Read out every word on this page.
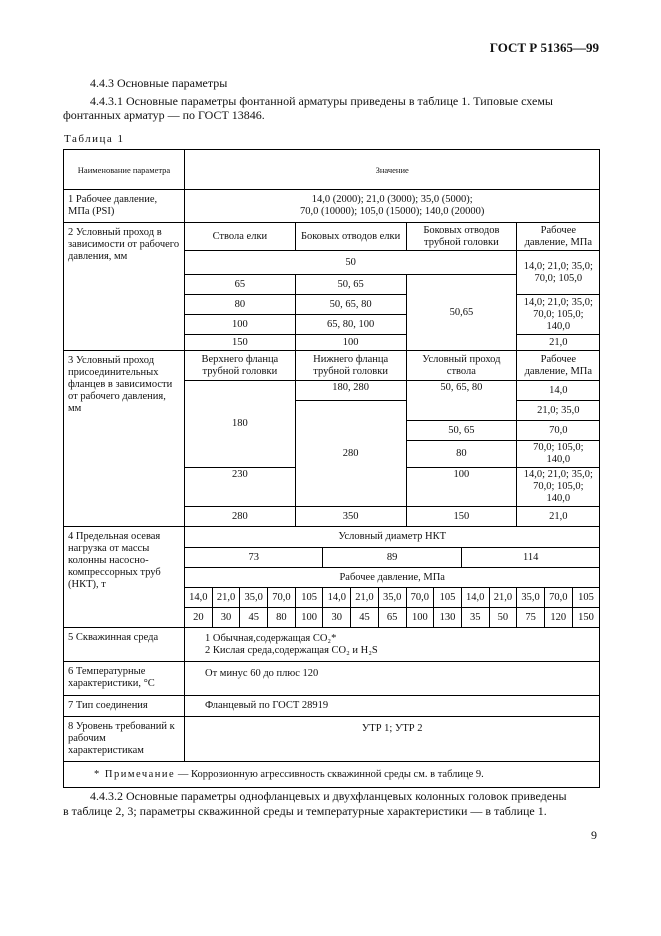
ГОСТ Р 51365—99
4.4.3 Основные параметры
4.4.3.1 Основные параметры фонтанной арматуры приведены в таблице 1. Типовые схемы
фонтанных арматур — по ГОСТ 13846.
Таблица 1
Наименование параметра	Значение														
1 Рабочее давление, МПа (PSI)	14,0 (2000); 21,0 (3000); 35,0 (5000);
70,0 (10000); 105,0 (15000); 140,0 (20000)														

2 Условный проход в зависимости от рабочего давления, мм	Ствола елки				Боковых отводов елки				Боковых отводов трубной головки				Рабочее давление, МПа		
	50												14,0; 21,0; 35,0; 70,0; 105,0		
	65				50, 65				50,65						
	80				50, 65, 80								14,0; 21,0; 35,0; 70,0; 105,0; 140,0		
	100				65, 80, 100										
	150				100								21,0		
3 Условный проход присоединительных фланцев в зависимости от рабочего давления, мм	Верхнего фланца трубной головки				Нижнего фланца трубной головки				Условный проход ствола				Рабочее давление, МПа		
	180				180, 280				50, 65, 80				14,0		
					280								21,0; 35,0		
									50, 65				70,0		
									80				70,0; 105,0; 140,0		
	230								100				14,0; 21,0; 35,0; 70,0; 105,0; 140,0		
	280				350				150				21,0		
4 Предельная осевая нагрузка от массы колонны насосно-компрессорных труб (НКТ), т	Условный диаметр НКТ														
	73					89					114				
	Рабочее давление, МПа														
	14,0	21,0	35,0	70,0	105	14,0	21,0	35,0	70,0	105	14,0	21,0	35,0	70,0	105
	20	30	45	80	100	30	45	65	100	130	35	50	75	120	150
5 Скважинная среда	1 Обычная,содержащая CO₂*
2 Кислая среда,содержащая CO₂ и H₂S														

6 Температурные характеристики, °С	От минус 60 до плюс 120														
7 Тип соединения	Фланцевый по ГОСТ 28919														
8 Уровень требований к рабочим характеристикам	УТР 1; УТР 2														
* Примечание — Коррозионную агрессивность скважинной среды см. в таблице 9.															
4.4.3.2 Основные параметры однофланцевых и двухфланцевых колонных головок приведены
в таблице 2, 3; параметры скважинной среды и температурные характеристики — в таблице 1.
9
